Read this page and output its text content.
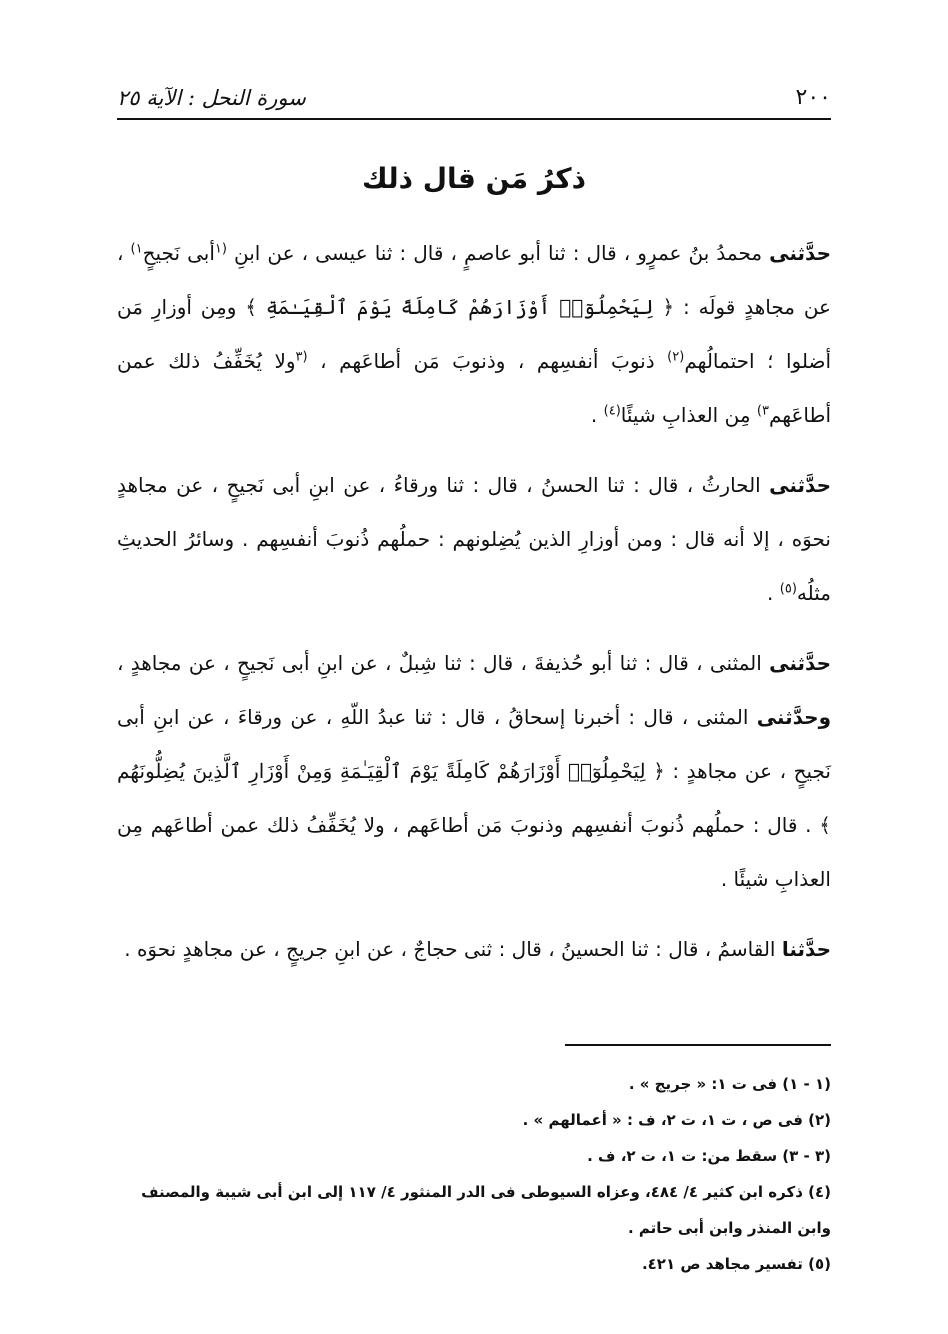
٢٠٠
سورة النحل : الآية ٢٥
ذكرُ مَن قال ذلك

حدَّثنى محمدُ بنُ عمرٍو ، قال : ثنا أبو عاصمٍ ، قال : ثنا عيسى ، عن ابنِ $^{(١}$أبى نَجيحٍ$^{١)}$ ، عن مجاهدٍ قولَه : ﴿ لِيَحْمِلُوٓا۟ أَوْزَارَهُمْ كَامِلَةً يَوْمَ ٱلْقِيَـٰمَةِ ﴾ ومِن أوزارِ مَن أضلوا ؛ احتمالُهم$^{(٢)}$ ذنوبَ أنفسِهم ، وذنوبَ مَن أطاعَهم ، $^{(٣}$ولا يُخَفِّفُ ذلك عمن أطاعَهم$^{٣)}$ مِن العذابِ شيئًا$^{(٤)}$ .

حدَّثنى الحارثُ ، قال : ثنا الحسنُ ، قال : ثنا ورقاءُ ، عن ابنِ أبى نَجيحٍ ، عن مجاهدٍ نحوَه ، إلا أنه قال : ومن أوزارِ الذين يُضِلونهم : حملُهم ذُنوبَ أنفسِهم . وسائرُ الحديثِ مثلُه$^{(٥)}$ .

حدَّثنى المثنى ، قال : ثنا أبو حُذيفةَ ، قال : ثنا شِبلٌ ، عن ابنِ أبى نَجيحٍ ، عن مجاهدٍ ، وحدَّثنى المثنى ، قال : أخبرنا إسحاقُ ، قال : ثنا عبدُ اللّهِ ، عن ورقاءَ ، عن ابنِ أبى نَجيحٍ ، عن مجاهدٍ : ﴿ لِيَحْمِلُوٓا۟ أَوْزَارَهُمْ كَامِلَةً يَوْمَ ٱلْقِيَـٰمَةِ وَمِنْ أَوْزَارِ ٱلَّذِينَ يُضِلُّونَهُم ﴾ . قال : حملُهم ذُنوبَ أنفسِهم وذنوبَ مَن أطاعَهم ، ولا يُخَفِّفُ ذلك عمن أطاعَهم مِن العذابِ شيئًا .

حدَّثنا القاسمُ ، قال : ثنا الحسينُ ، قال : ثنى حجاجٌ ، عن ابنِ جريجٍ ، عن مجاهدٍ نحوَه .

(١ - ١) فى ت ١: « جريج » .
(٢) فى ص ، ت ١، ت ٢، ف : « أعمالهم » .
(٣ - ٣) سقط من: ت ١، ت ٢، ف .
(٤) ذكره ابن كثير ٤/ ٤٨٤، وعزاه السيوطى فى الدر المنثور ٤/ ١١٧ إلى ابن أبى شيبة والمصنف وابن المنذر وابن أبى حاتم .
(٥) تفسير مجاهد ص ٤٢١.
